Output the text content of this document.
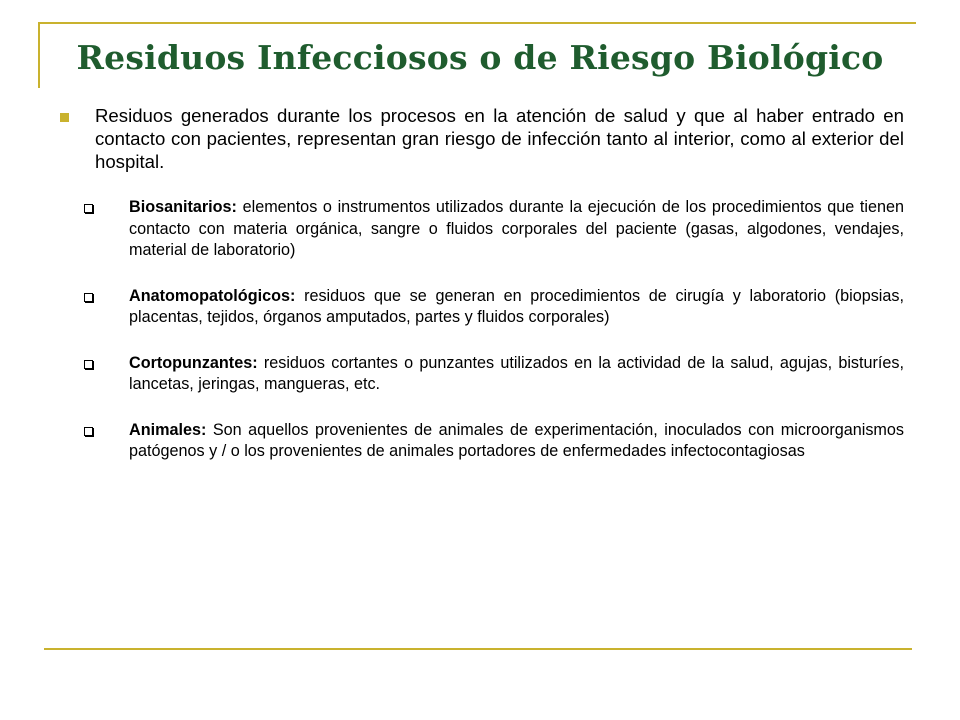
Residuos Infecciosos o de Riesgo Biológico
Residuos generados durante los procesos en la atención de salud y que al haber entrado en contacto con pacientes, representan gran riesgo de infección tanto al interior, como al exterior del hospital.
Biosanitarios: elementos o instrumentos utilizados durante la ejecución de los procedimientos que tienen contacto con materia orgánica, sangre o fluidos corporales del paciente (gasas, algodones, vendajes, material de laboratorio)
Anatomopatológicos: residuos que se generan en procedimientos de cirugía y laboratorio (biopsias, placentas, tejidos, órganos amputados, partes y fluidos corporales)
Cortopunzantes: residuos cortantes o punzantes utilizados en la actividad de la salud, agujas, bisturíes, lancetas, jeringas, mangueras, etc.
Animales: Son aquellos provenientes de animales de experimentación, inoculados con microorganismos patógenos y / o los provenientes de animales portadores de enfermedades infectocontagiosas
